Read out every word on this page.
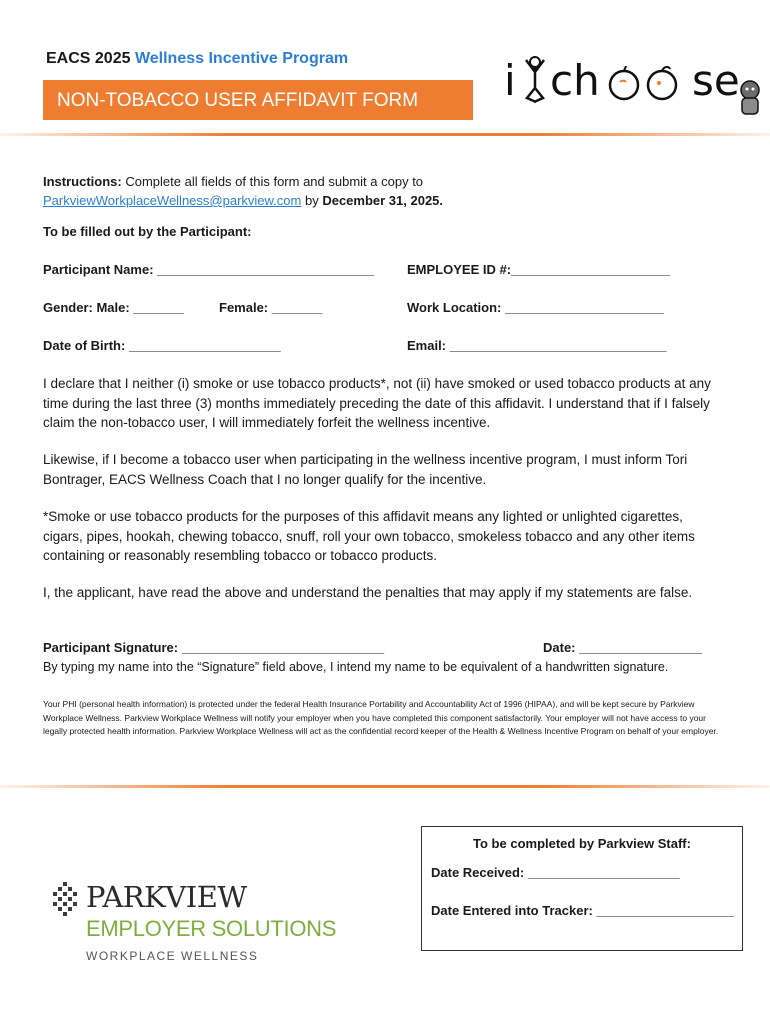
EACS 2025 Wellness Incentive Program
NON-TOBACCO USER AFFIDAVIT FORM	i ch se
Instructions: Complete all fields of this form and submit a copy to
ParkviewWorkplaceWellness@parkview.com by December 31, 2025.
To be filled out by the Participant:
Participant Name: ______________________________	EMPLOYEE ID #:______________________
Gender: Male: _______	Female: _______	Work Location: ______________________
Date of Birth: _____________________	Email: ______________________________
I declare that I neither (i) smoke or use tobacco products*, not (ii) have smoked or used tobacco products at any time during the last three (3) months immediately preceding the date of this affidavit. I understand that if I falsely claim the non-tobacco user, I will immediately forfeit the wellness incentive.
Likewise, if I become a tobacco user when participating in the wellness incentive program, I must inform Tori Bontrager, EACS Wellness Coach that I no longer qualify for the incentive.
*Smoke or use tobacco products for the purposes of this affidavit means any lighted or unlighted cigarettes, cigars, pipes, hookah, chewing tobacco, snuff, roll your own tobacco, smokeless tobacco and any other items containing or reasonably resembling tobacco or tobacco products.
I, the applicant, have read the above and understand the penalties that may apply if my statements are false.
Participant Signature: ____________________________	Date: _________________
By typing my name into the “Signature” field above, I intend my name to be equivalent of a handwritten signature.
Your PHI (personal health information) is protected under the federal Health Insurance Portability and Accountability Act of 1996 (HIPAA), and will be kept secure by Parkview Workplace Wellness. Parkview Workplace Wellness will notify your employer when you have completed this component satisfactorily. Your employer will not have access to your legally protected health information. Parkview Workplace Wellness will act as the confidential record keeper of the Health & Wellness Incentive Program on behalf of your employer.
PARKVIEW
EMPLOYER SOLUTIONS
WORKPLACE WELLNESS
To be completed by Parkview Staff:
Date Received: _____________________
Date Entered into Tracker: ___________________
